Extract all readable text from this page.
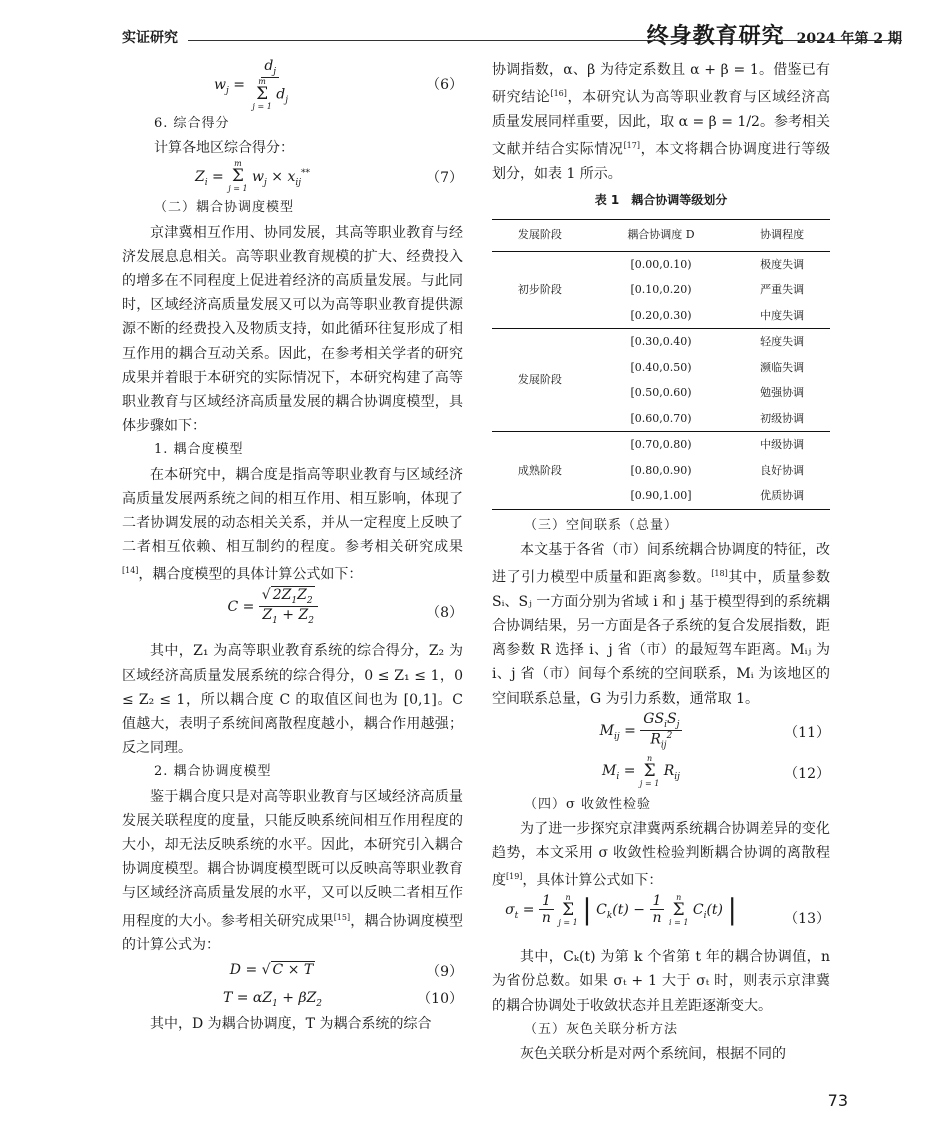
实证研究	终身教育研究 2024 年第 2 期
$w_j = d_j$
m
Σ
j = 1
$d_j$	（6）

6. 综合得分

计算各地区综合得分：

$Z_i$ =
m
Σ
j = 1
$w_j \times x_{ij}^{**}$	（7）

（二）耦合协调度模型

京津冀相互作用、协同发展，其高等职业教育与经济发展息息相关。高等职业教育规模的扩大、经费投入的增多在不同程度上促进着经济的高质量发展。与此同时，区域经济高质量发展又可以为高等职业教育提供源源不断的经费投入及物质支持，如此循环往复形成了相互作用的耦合互动关系。因此，在参考相关学者的研究成果并着眼于本研究的实际情况下，本研究构建了高等职业教育与区域经济高质量发展的耦合协调度模型，具体步骤如下：

1. 耦合度模型

在本研究中，耦合度是指高等职业教育与区域经济高质量发展两系统之间的相互作用、相互影响，体现了二者协调发展的动态相关关系，并从一定程度上反映了二者相互依赖、相互制约的程度。参考相关研究成果[14]，耦合度模型的具体计算公式如下：

$C = \frac{√ 2Z_1Z_2}{Z_1 + Z_2}$	（8）

其中，Z₁ 为高等职业教育系统的综合得分，Z₂ 为区域经济高质量发展系统的综合得分，0 ≤ Z₁ ≤ 1，0 ≤ Z₂ ≤ 1，所以耦合度 C 的取值区间也为 [0,1]。C 值越大，表明子系统间离散程度越小，耦合作用越强；反之同理。

2. 耦合协调度模型

鉴于耦合度只是对高等职业教育与区域经济高质量发展关联程度的度量，只能反映系统间相互作用程度的大小，却无法反映系统的水平。因此，本研究引入耦合协调度模型。耦合协调度模型既可以反映高等职业教育与区域经济高质量发展的水平，又可以反映二者相互作用程度的大小。参考相关研究成果[15]，耦合协调度模型的计算公式为：

D = √ C × T	（9）
$T = \alpha Z_1 + \beta Z_2$	（10）

其中，D 为耦合协调度，T 为耦合系统的综合

协调指数，α、β 为待定系数且 α + β = 1。借鉴已有研究结论[16]，本研究认为高等职业教育与区域经济高质量发展同样重要，因此，取 α = β = 1/2。参考相关文献并结合实际情况[17]，本文将耦合协调度进行等级划分，如表 1 所示。

表 1　耦合协调等级划分
发展阶段	耦合协调度 D	协调程度
初步阶段	[0.00,0.10)	极度失调
	[0.10,0.20)	严重失调
	[0.20,0.30)	中度失调
发展阶段	[0.30,0.40)	轻度失调
	[0.40,0.50)	濒临失调
	[0.50,0.60)	勉强协调
	[0.60,0.70)	初级协调
成熟阶段	[0.70,0.80)	中级协调
	[0.80,0.90)	良好协调
	[0.90,1.00]	优质协调

（三）空间联系（总量）

本文基于各省（市）间系统耦合协调度的特征，改进了引力模型中质量和距离参数。[18]其中，质量参数 Sᵢ、Sⱼ 一方面分别为省域 i 和 j 基于模型得到的系统耦合协调结果，另一方面是各子系统的复合发展指数，距离参数 R 选择 i、j 省（市）的最短驾车距离。Mᵢⱼ 为 i、j 省（市）间每个系统的空间联系，Mᵢ 为该地区的空间联系总量，G 为引力系数，通常取 1。

$M_{ij} = \frac{GS_iS_j}{R_{ij}^2}$	（11）
$M_i$ =
n
Σ
j = 1
$R_{ij}$	（12）

（四）σ 收敛性检验

为了进一步探究京津冀两系统耦合协调差异的变化趋势，本文采用 σ 收敛性检验判断耦合协调的离散程度[19]，具体计算公式如下：

$\sigma_t = \frac{1}{n}$
n
Σ
j = 1 | $C_k(t) - \frac{1}{n}$
n
Σ
i = 1
$C_i(t)$ |	（13）

其中，Cₖ(t) 为第 k 个省第 t 年的耦合协调值，n 为省份总数。如果 σₜ + 1 大于 σₜ 时，则表示京津冀的耦合协调处于收敛状态并且差距逐渐变大。

（五）灰色关联分析方法

灰色关联分析是对两个系统间，根据不同的

73
